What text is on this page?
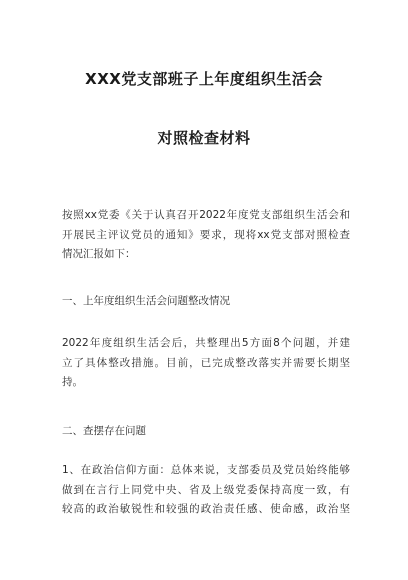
XXX党支部班子上年度组织生活会
对照检查材料
按照xx党委《关于认真召开2022年度党支部组织生活会和
开展民主评议党员的通知》要求，现将xx党支部对照检查
情况汇报如下：
一、上年度组织生活会问题整改情况
2022年度组织生活会后，共整理出5方面8个问题，并建
立了具体整改措施。目前，已完成整改落实并需要长期坚
持。
二、查摆存在问题
1、在政治信仰方面：总体来说，支部委员及党员始终能够
做到在言行上同党中央、省及上级党委保持高度一致，有
较高的政治敏锐性和较强的政治责任感、使命感，政治坚
